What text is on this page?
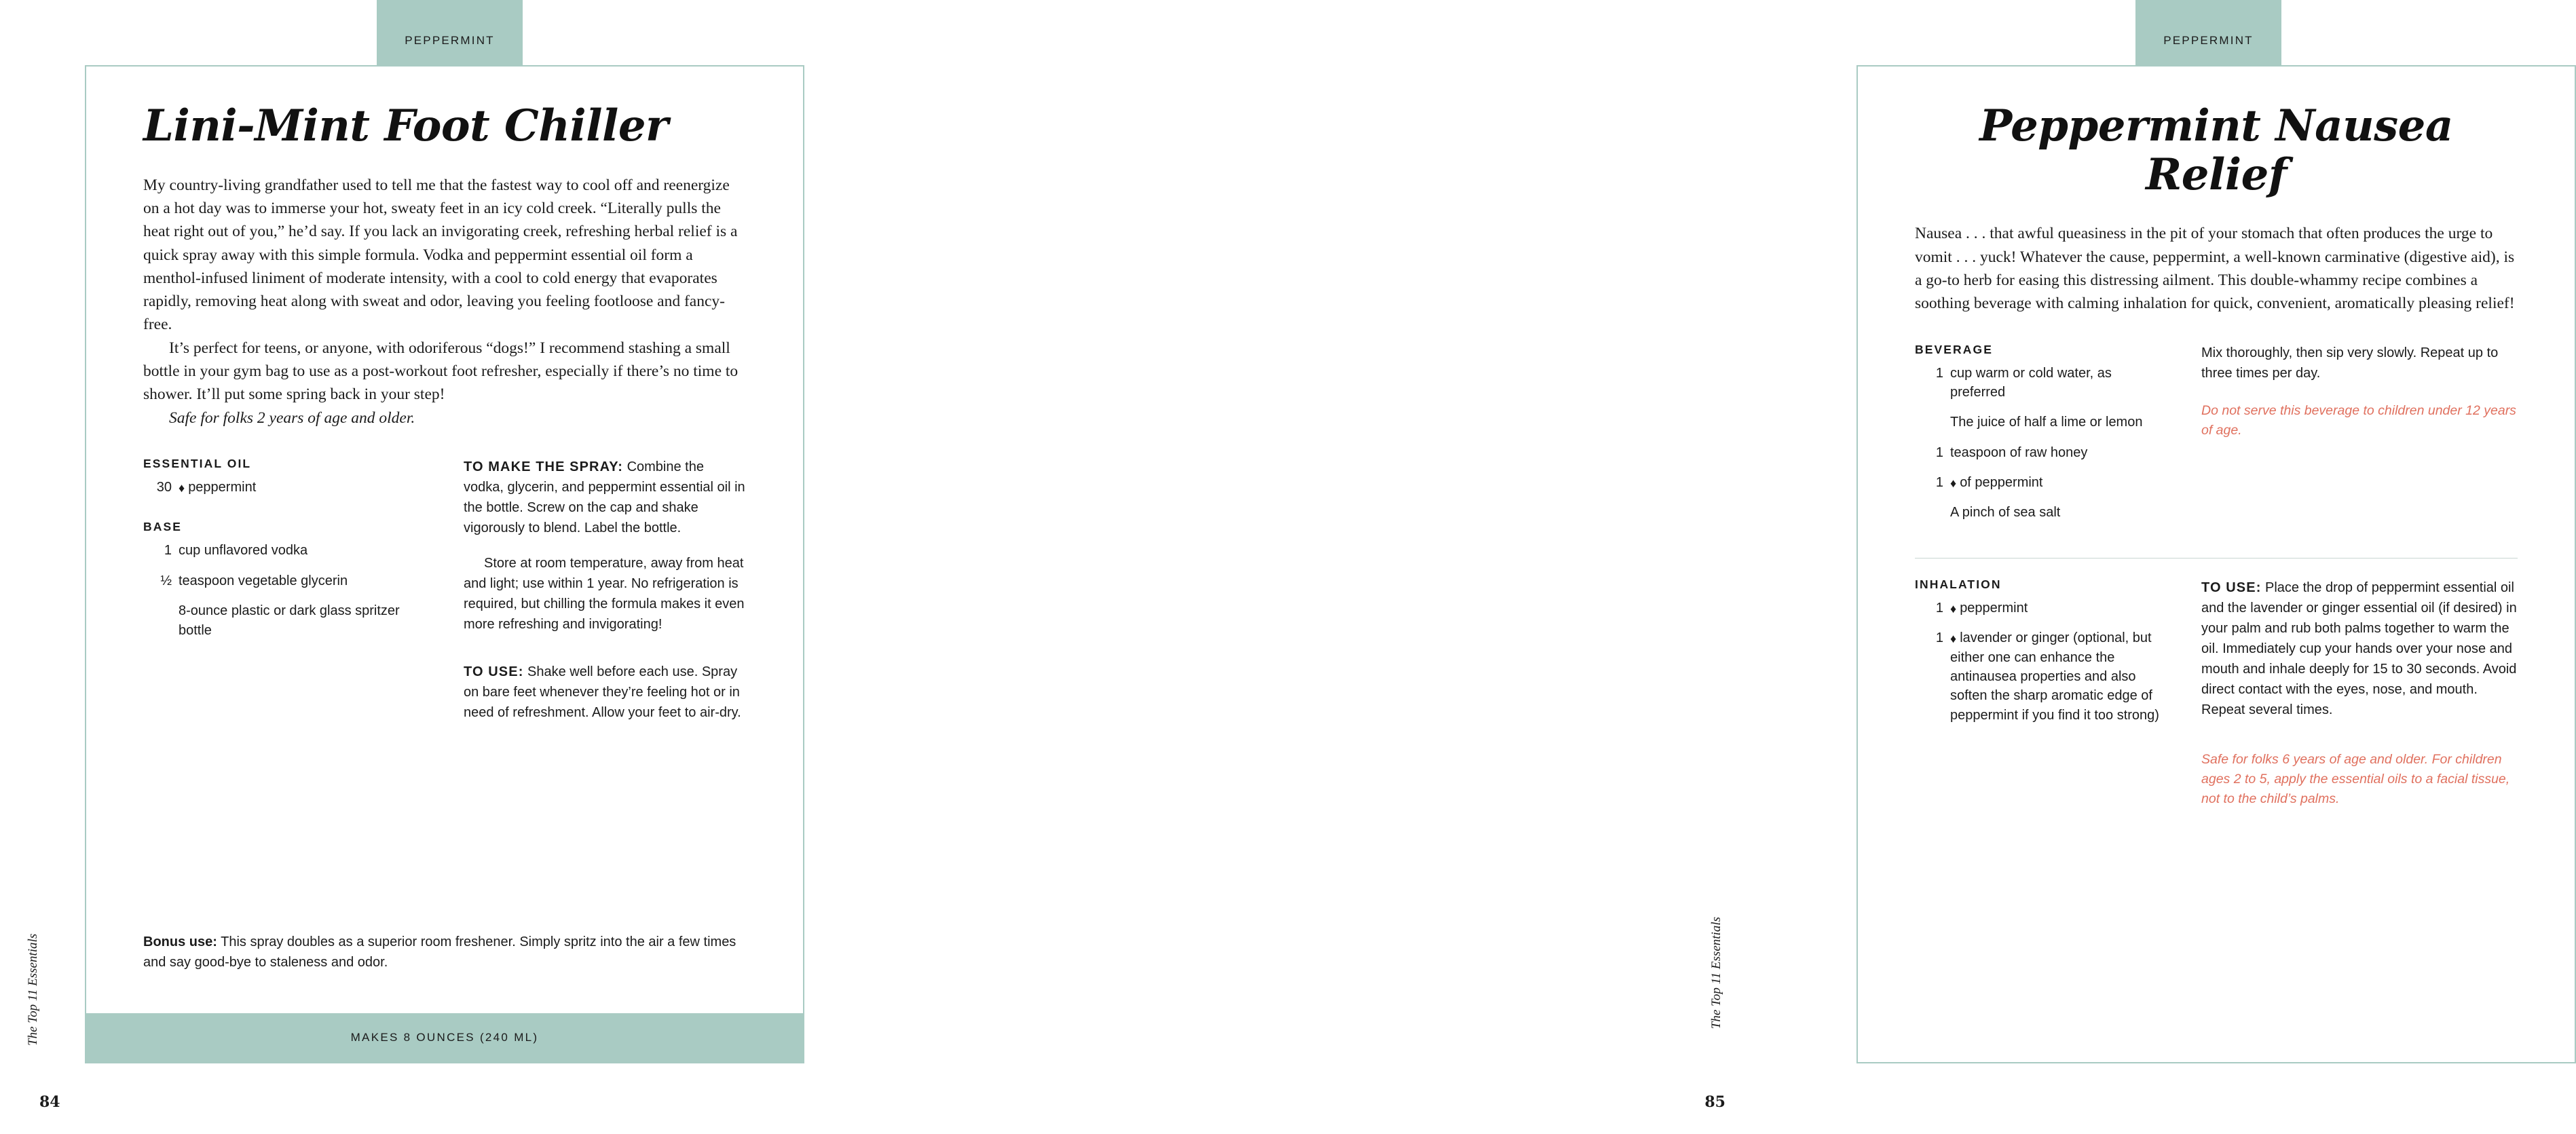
PEPPERMINT
Lini-Mint Foot Chiller

My country-living grandfather used to tell me that the fastest way to cool off and reenergize on a hot day was to immerse your hot, sweaty feet in an icy cold creek. “Literally pulls the heat right out of you,” he’d say. If you lack an invigorating creek, refreshing herbal relief is a quick spray away with this simple formula. Vodka and peppermint essential oil form a menthol-infused liniment of moderate intensity, with a cool to cold energy that evaporates rapidly, removing heat along with sweat and odor, leaving you feeling footloose and fancy-free.

It’s perfect for teens, or anyone, with odoriferous “dogs!” I recommend stashing a small bottle in your gym bag to use as a post-workout foot refresher, especially if there’s no time to shower. It’ll put some spring back in your step!

Safe for folks 2 years of age and older.

ESSENTIAL OIL
30 ♦ peppermint
BASE
1 cup unflavored vodka
½ teaspoon vegetable glycerin
8-ounce plastic or dark glass spritzer bottle

TO MAKE THE SPRAY: Combine the vodka, glycerin, and peppermint essential oil in the bottle. Screw on the cap and shake vigorously to blend. Label the bottle.

Store at room temperature, away from heat and light; use within 1 year. No refrigeration is required, but chilling the formula makes it even more refreshing and invigorating!

TO USE: Shake well before each use. Spray on bare feet whenever they’re feeling hot or in need of refreshment. Allow your feet to air-dry.

Bonus use: This spray doubles as a superior room freshener. Simply spritz into the air a few times and say good-bye to staleness and odor.
MAKES 8 OUNCES (240 ML)
The Top 11 Essentials
84
PEPPERMINT
Peppermint Nausea
Relief

Nausea . . . that awful queasiness in the pit of your stomach that often produces the urge to vomit . . . yuck! Whatever the cause, peppermint, a well-known carminative (digestive aid), is a go-to herb for easing this distressing ailment. This double-whammy recipe combines a soothing beverage with calming inhalation for quick, convenient, aromatically pleasing relief!

BEVERAGE
1 cup warm or cold water, as preferred
The juice of half a lime or lemon
1 teaspoon of raw honey
1 ♦ of peppermint
A pinch of sea salt

Mix thoroughly, then sip very slowly. Repeat up to three times per day.

Do not serve this beverage to children under 12 years of age.

INHALATION
1 ♦ peppermint
1 ♦ lavender or ginger (optional, but either one can enhance the antinausea properties and also soften the sharp aromatic edge of peppermint if you find it too strong)

TO USE: Place the drop of peppermint essential oil and the lavender or ginger essential oil (if desired) in your palm and rub both palms together to warm the oil. Immediately cup your hands over your nose and mouth and inhale deeply for 15 to 30 seconds. Avoid direct contact with the eyes, nose, and mouth. Repeat several times.

Safe for folks 6 years of age and older. For children ages 2 to 5, apply the essential oils to a facial tissue, not to the child’s palms.

The Top 11 Essentials
85
